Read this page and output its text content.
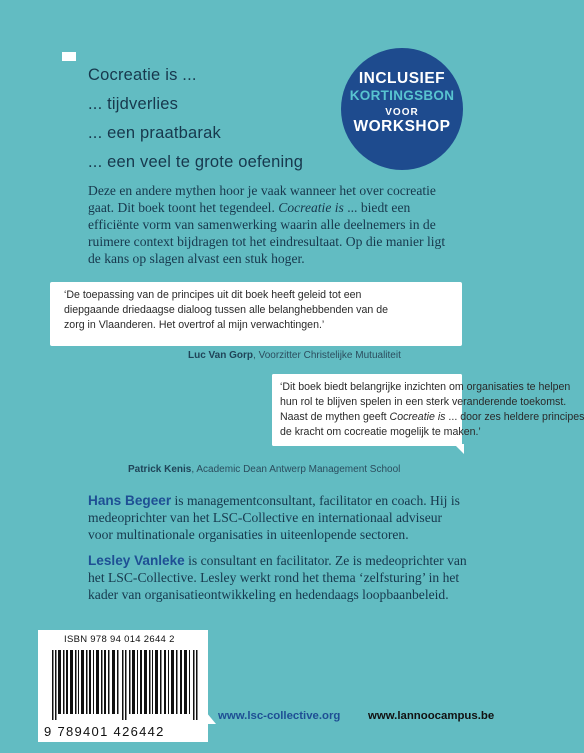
Cocreatie is ...
... tijdverlies
... een praatbarak
... een veel te grote oefening
INCLUSIEF
KORTINGSBON
VOOR
WORKSHOP
Deze en andere mythen hoor je vaak wanneer het over cocreatie gaat. Dit boek toont het tegendeel. Cocreatie is ... biedt een efficiënte vorm van samenwerking waarin alle deelnemers in de ruimere context bijdragen tot het eindresultaat. Op die manier ligt de kans op slagen alvast een stuk hoger.
‘De toepassing van de principes uit dit boek heeft geleid tot een
diepgaande driedaagse dialoog tussen alle belanghebbenden van de
zorg in Vlaanderen. Het overtrof al mijn verwachtingen.’
Luc Van Gorp, Voorzitter Christelijke Mutualiteit
‘Dit boek biedt belangrijke inzichten om organisaties te helpen
hun rol te blijven spelen in een sterk veranderende toekomst.
Naast de mythen geeft Cocreatie is ... door zes heldere principes
de kracht om cocreatie mogelijk te maken.’
Patrick Kenis, Academic Dean Antwerp Management School
Hans Begeer is managementconsultant, facilitator en coach. Hij is medeoprichter van het LSC-Collective en internationaal adviseur voor multinationale organisaties in uiteenlopende sectoren.
Lesley Vanleke is consultant en facilitator. Ze is medeoprichter van het LSC-Collective. Lesley werkt rond het thema ‘zelfsturing’ in het kader van organisatieontwikkeling en hedendaags loopbaanbeleid.
ISBN 978 94 014 2644 2
9 789401 426442
www.lsc-collective.org www.lannoocampus.be
